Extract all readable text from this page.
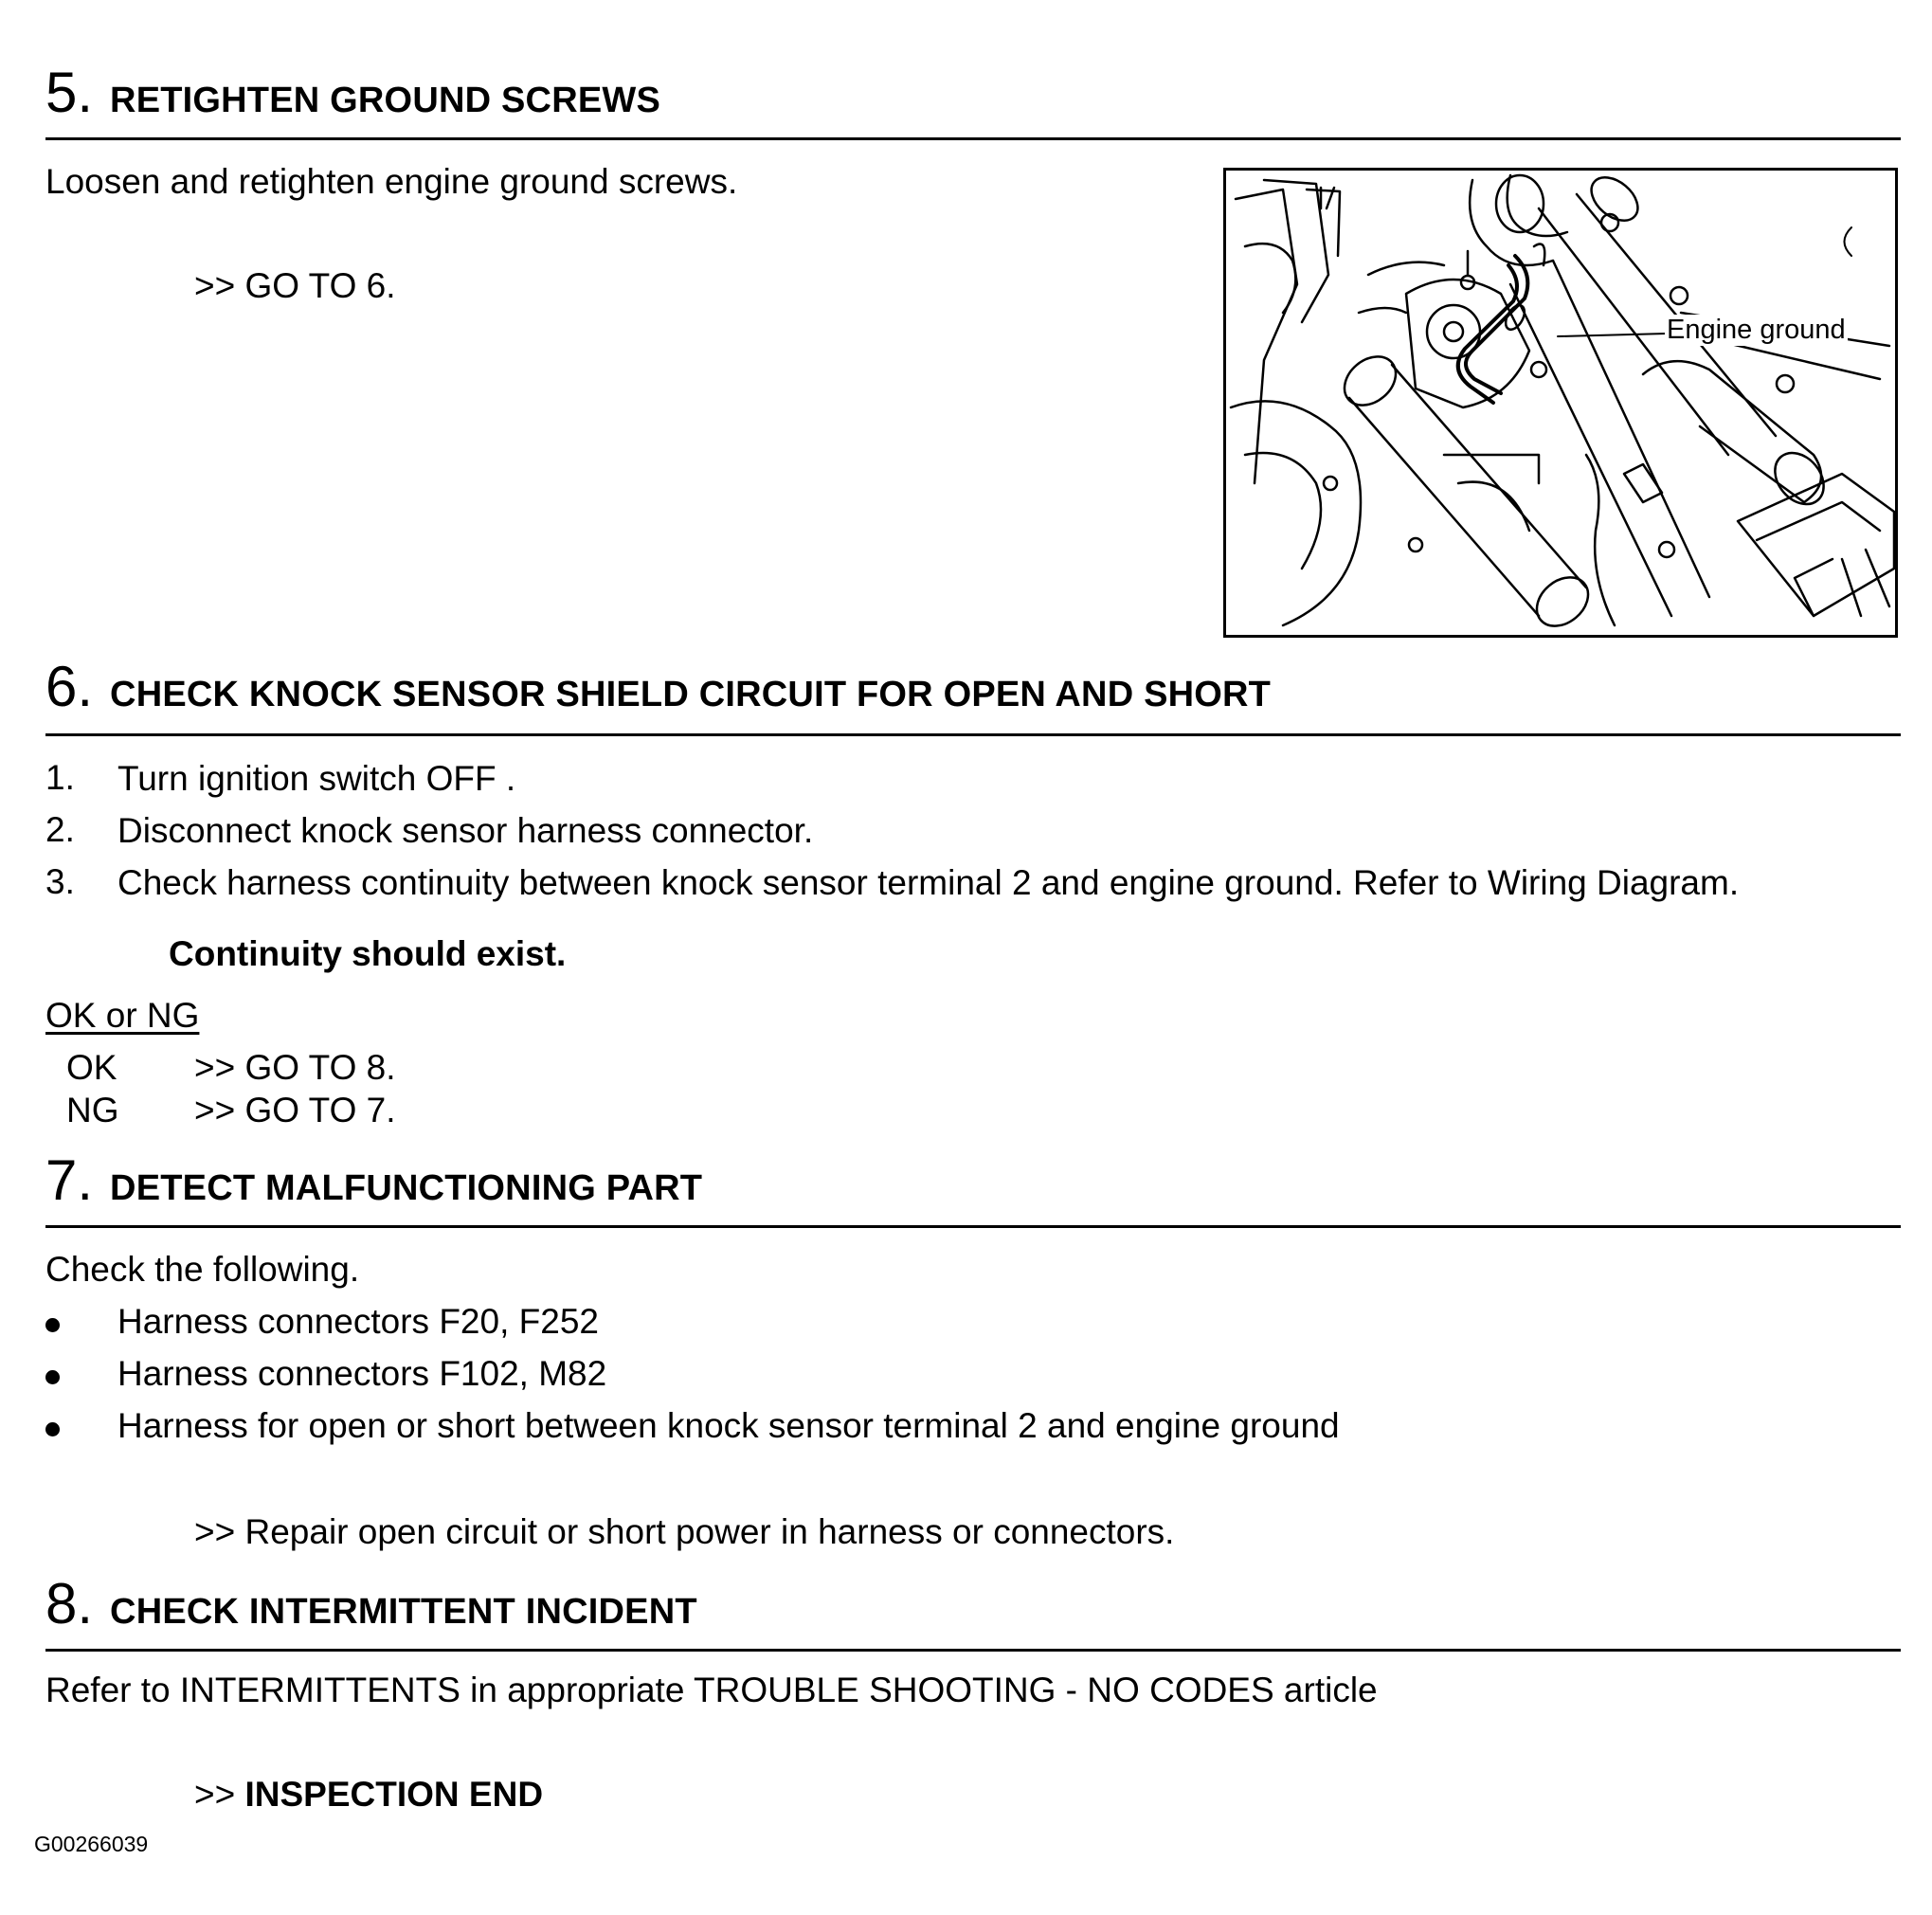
5 . RETIGHTEN GROUND SCREWS
Loosen and retighten engine ground screws.
>> GO TO 6.
Engine ground
6 . CHECK KNOCK SENSOR SHIELD CIRCUIT FOR OPEN AND SHORT
1. Turn ignition switch OFF .
2. Disconnect knock sensor harness connector.
3. Check harness continuity between knock sensor terminal 2 and engine ground. Refer to Wiring Diagram.
Continuity should exist.
OK or NG
OK >> GO TO 8.
NG >> GO TO 7.
7 . DETECT MALFUNCTIONING PART
Check the following.
Harness connectors F20, F252
Harness connectors F102, M82
Harness for open or short between knock sensor terminal 2 and engine ground
>> Repair open circuit or short power in harness or connectors.
8 . CHECK INTERMITTENT INCIDENT
Refer to INTERMITTENTS in appropriate TROUBLE SHOOTING - NO CODES article
>> INSPECTION END
G00266039
